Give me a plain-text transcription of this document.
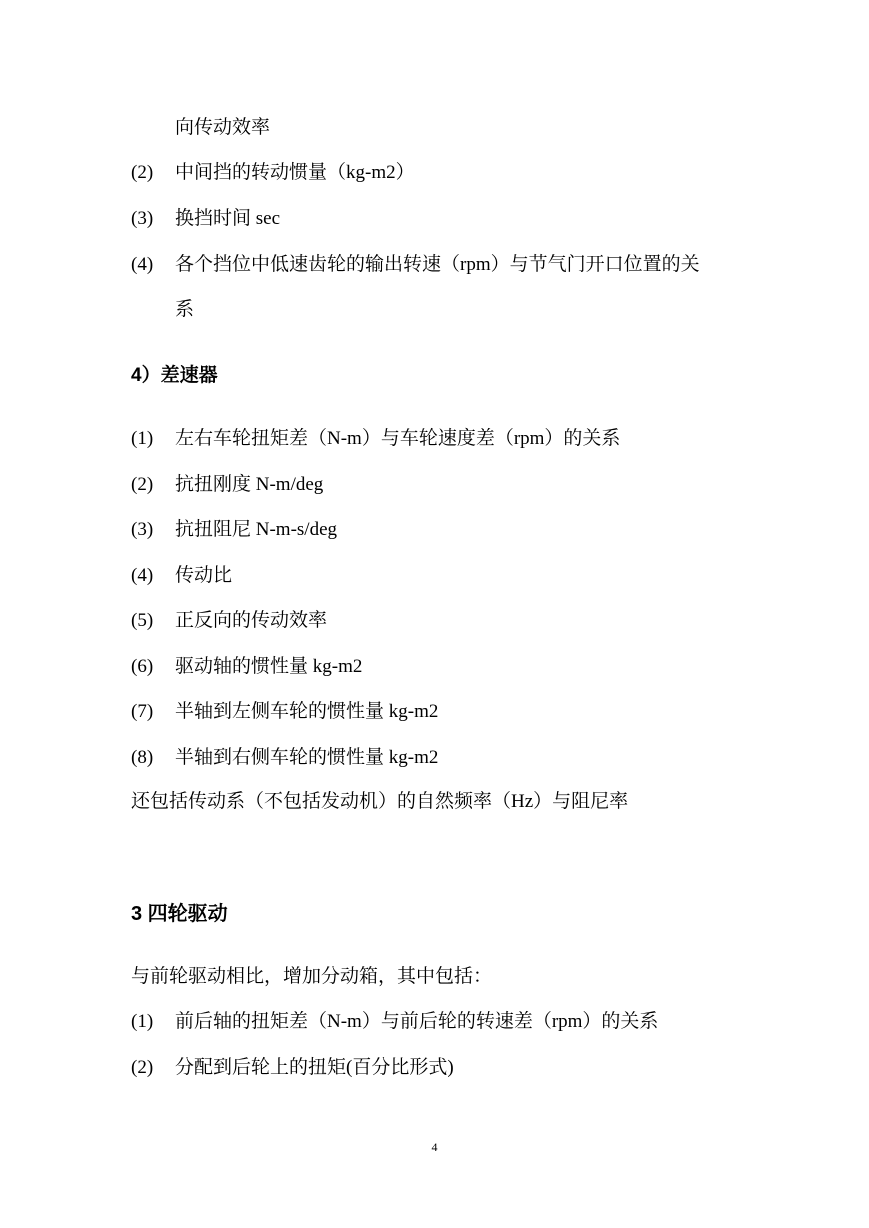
向传动效率
(2) 中间挡的转动惯量（kg-m2）
(3) 换挡时间 sec
(4) 各个挡位中低速齿轮的输出转速（rpm）与节气门开口位置的关
系
4）差速器
(1) 左右车轮扭矩差（N-m）与车轮速度差（rpm）的关系
(2) 抗扭刚度 N-m/deg
(3) 抗扭阻尼 N-m-s/deg
(4) 传动比
(5) 正反向的传动效率
(6) 驱动轴的惯性量 kg-m2
(7) 半轴到左侧车轮的惯性量 kg-m2
(8) 半轴到右侧车轮的惯性量 kg-m2
还包括传动系（不包括发动机）的自然频率（Hz）与阻尼率
3 四轮驱动
与前轮驱动相比，增加分动箱，其中包括：
(1) 前后轴的扭矩差（N-m）与前后轮的转速差（rpm）的关系
(2) 分配到后轮上的扭矩(百分比形式)
4
